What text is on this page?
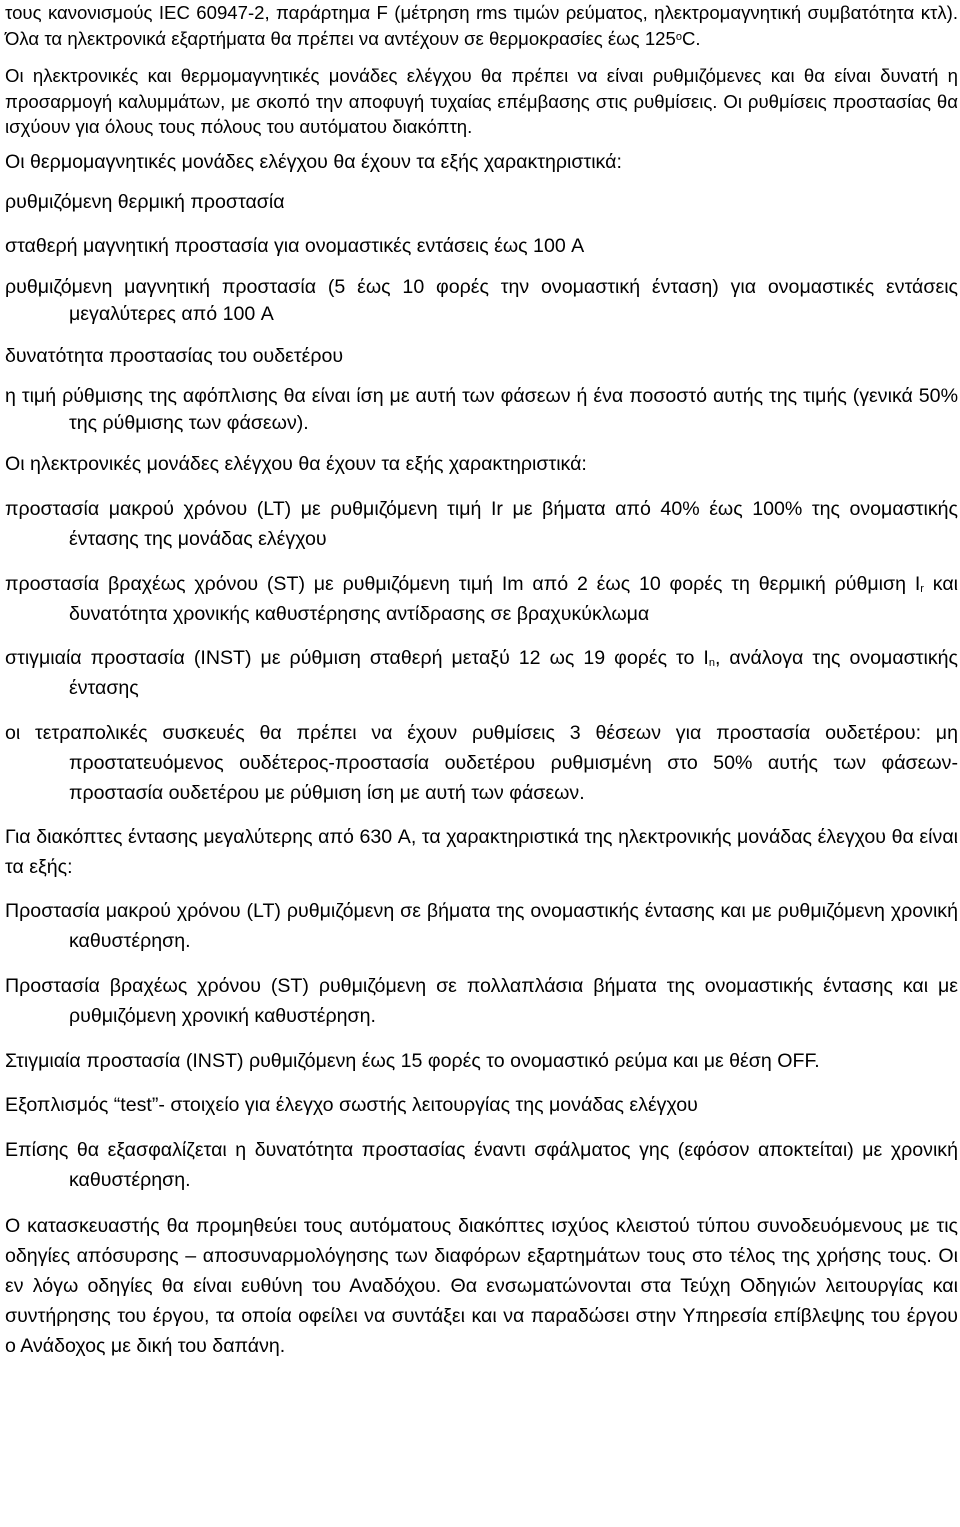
τους κανονισμούς IEC 60947-2, παράρτημα F (μέτρηση rms τιμών ρεύματος, ηλεκτρομαγνητική συμβατότητα κτλ). Όλα τα ηλεκτρονικά εξαρτήματα θα πρέπει να αντέχουν σε θερμοκρασίες έως 125$^o$C.

Οι ηλεκτρονικές και θερμομαγνητικές μονάδες ελέγχου θα πρέπει να είναι ρυθμιζόμενες και θα είναι δυνατή η προσαρμογή καλυμμάτων, με σκοπό την αποφυγή τυχαίας επέμβασης στις ρυθμίσεις. Οι ρυθμίσεις προστασίας θα ισχύουν για όλους τους πόλους του αυτόματου διακόπτη.

Οι θερμομαγνητικές μονάδες ελέγχου θα έχουν τα εξής χαρακτηριστικά:

ρυθμιζόμενη θερμική προστασία

σταθερή μαγνητική προστασία για ονομαστικές εντάσεις έως 100 A

ρυθμιζόμενη μαγνητική προστασία (5 έως 10 φορές την ονομαστική ένταση) για ονομαστικές εντάσεις μεγαλύτερες από 100 A

δυνατότητα προστασίας του ουδετέρου

η τιμή ρύθμισης της αφόπλισης θα είναι ίση με αυτή των φάσεων ή ένα ποσοστό αυτής της τιμής (γενικά 50% της ρύθμισης των φάσεων).

Οι ηλεκτρονικές μονάδες ελέγχου θα έχουν τα εξής χαρακτηριστικά:

προστασία μακρού χρόνου (LT) με ρυθμιζόμενη τιμή Ir με βήματα από 40% έως 100% της ονομαστικής έντασης της μονάδας ελέγχου

προστασία βραχέως χρόνου (ST) με ρυθμιζόμενη τιμή Im από 2 έως 10 φορές τη θερμική ρύθμιση $I_r$ και δυνατότητα χρονικής καθυστέρησης αντίδρασης σε βραχυκύκλωμα

στιγμιαία προστασία (INST) με ρύθμιση σταθερή μεταξύ 12 ως 19 φορές το $I_n$, ανάλογα της ονομαστικής έντασης

οι τετραπολικές συσκευές θα πρέπει να έχουν ρυθμίσεις 3 θέσεων για προστασία ουδετέρου: μη προστατευόμενος ουδέτερος-προστασία ουδετέρου ρυθμισμένη στο 50% αυτής των φάσεων-προστασία ουδετέρου με ρύθμιση ίση με αυτή των φάσεων.

Για διακόπτες έντασης μεγαλύτερης από 630 A, τα χαρακτηριστικά της ηλεκτρονικής μονάδας έλεγχου θα είναι τα εξής:

Προστασία μακρού χρόνου (LT) ρυθμιζόμενη σε βήματα της ονομαστικής έντασης και με ρυθμιζόμενη χρονική καθυστέρηση.

Προστασία βραχέως χρόνου (ST) ρυθμιζόμενη σε πολλαπλάσια βήματα της ονομαστικής έντασης και με ρυθμιζόμενη χρονική καθυστέρηση.

Στιγμιαία προστασία (INST) ρυθμιζόμενη έως 15 φορές το ονομαστικό ρεύμα και με θέση OFF.

Εξοπλισμός “test”- στοιχείο για έλεγχο σωστής λειτουργίας της μονάδας ελέγχου

Επίσης θα εξασφαλίζεται η δυνατότητα προστασίας έναντι σφάλματος γης (εφόσον αποκτείται) με χρονική καθυστέρηση.

Ο κατασκευαστής θα προμηθεύει τους αυτόματους διακόπτες ισχύος κλειστού τύπου συνοδευόμενους με τις οδηγίες απόσυρσης – αποσυναρμολόγησης των διαφόρων εξαρτημάτων τους στο τέλος της χρήσης τους. Οι εν λόγω οδηγίες θα είναι ευθύνη του Αναδόχου. Θα ενσωματώνονται στα Τεύχη Οδηγιών λειτουργίας και συντήρησης του έργου, τα οποία οφείλει να συντάξει και να παραδώσει στην Υπηρεσία επίβλεψης του έργου ο Ανάδοχος με δική του δαπάνη.
